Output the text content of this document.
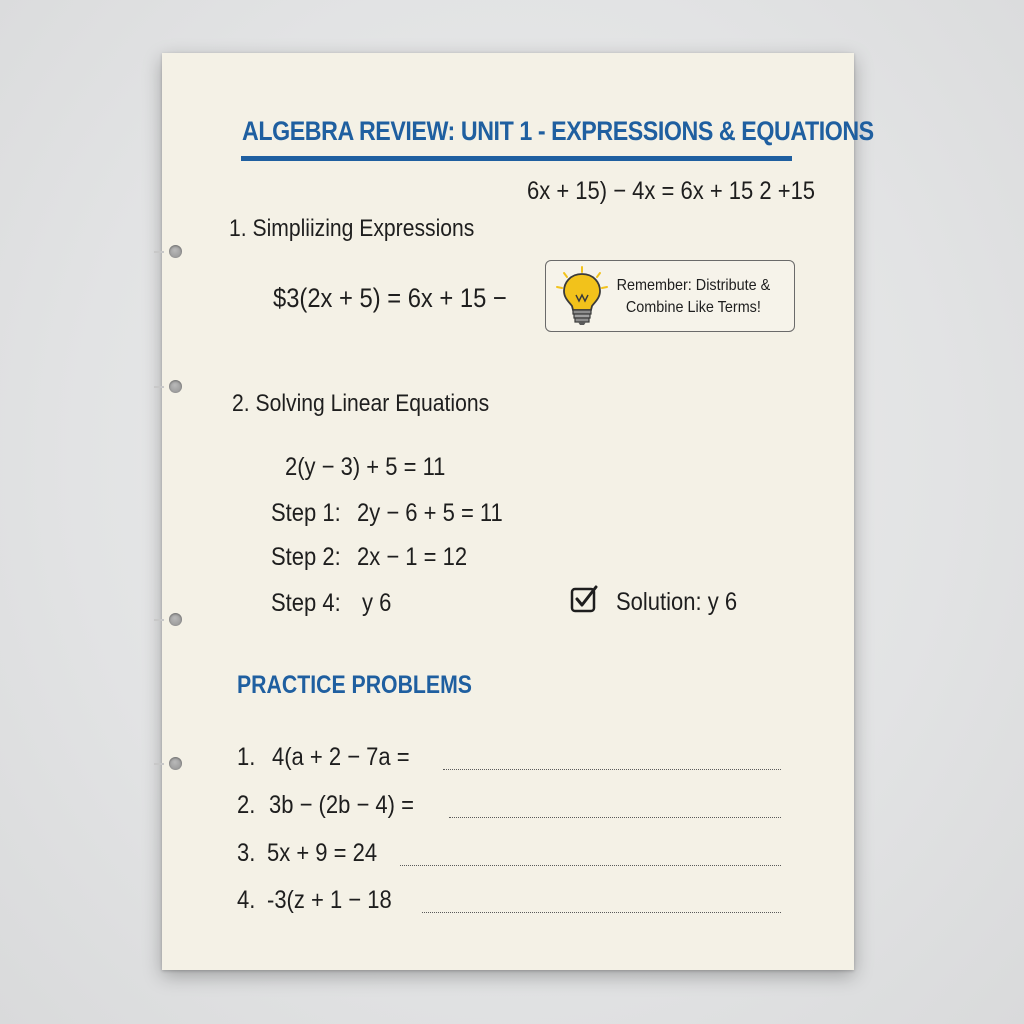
ALGEBRA REVIEW: UNIT 1 - EXPRESSIONS & EQUATIONS
6x + 15) − 4x = 6x + 15 2 +15
1. Simpliizing Expressions
$3(2x + 5) = 6x + 15 −	Remember: Distribute &
Combine Like Terms!
2. Solving Linear Equations
2(y − 3) + 5 = 11
Step 1: 2y − 6 + 5 = 11
Step 2: 2x − 1 = 12
Step 4: y 6	Solution: y 6
PRACTICE PROBLEMS
1. 4(a + 2 − 7a =
2. 3b − (2b − 4) =
3. 5x + 9 = 24
4. -3(z + 1 − 18
